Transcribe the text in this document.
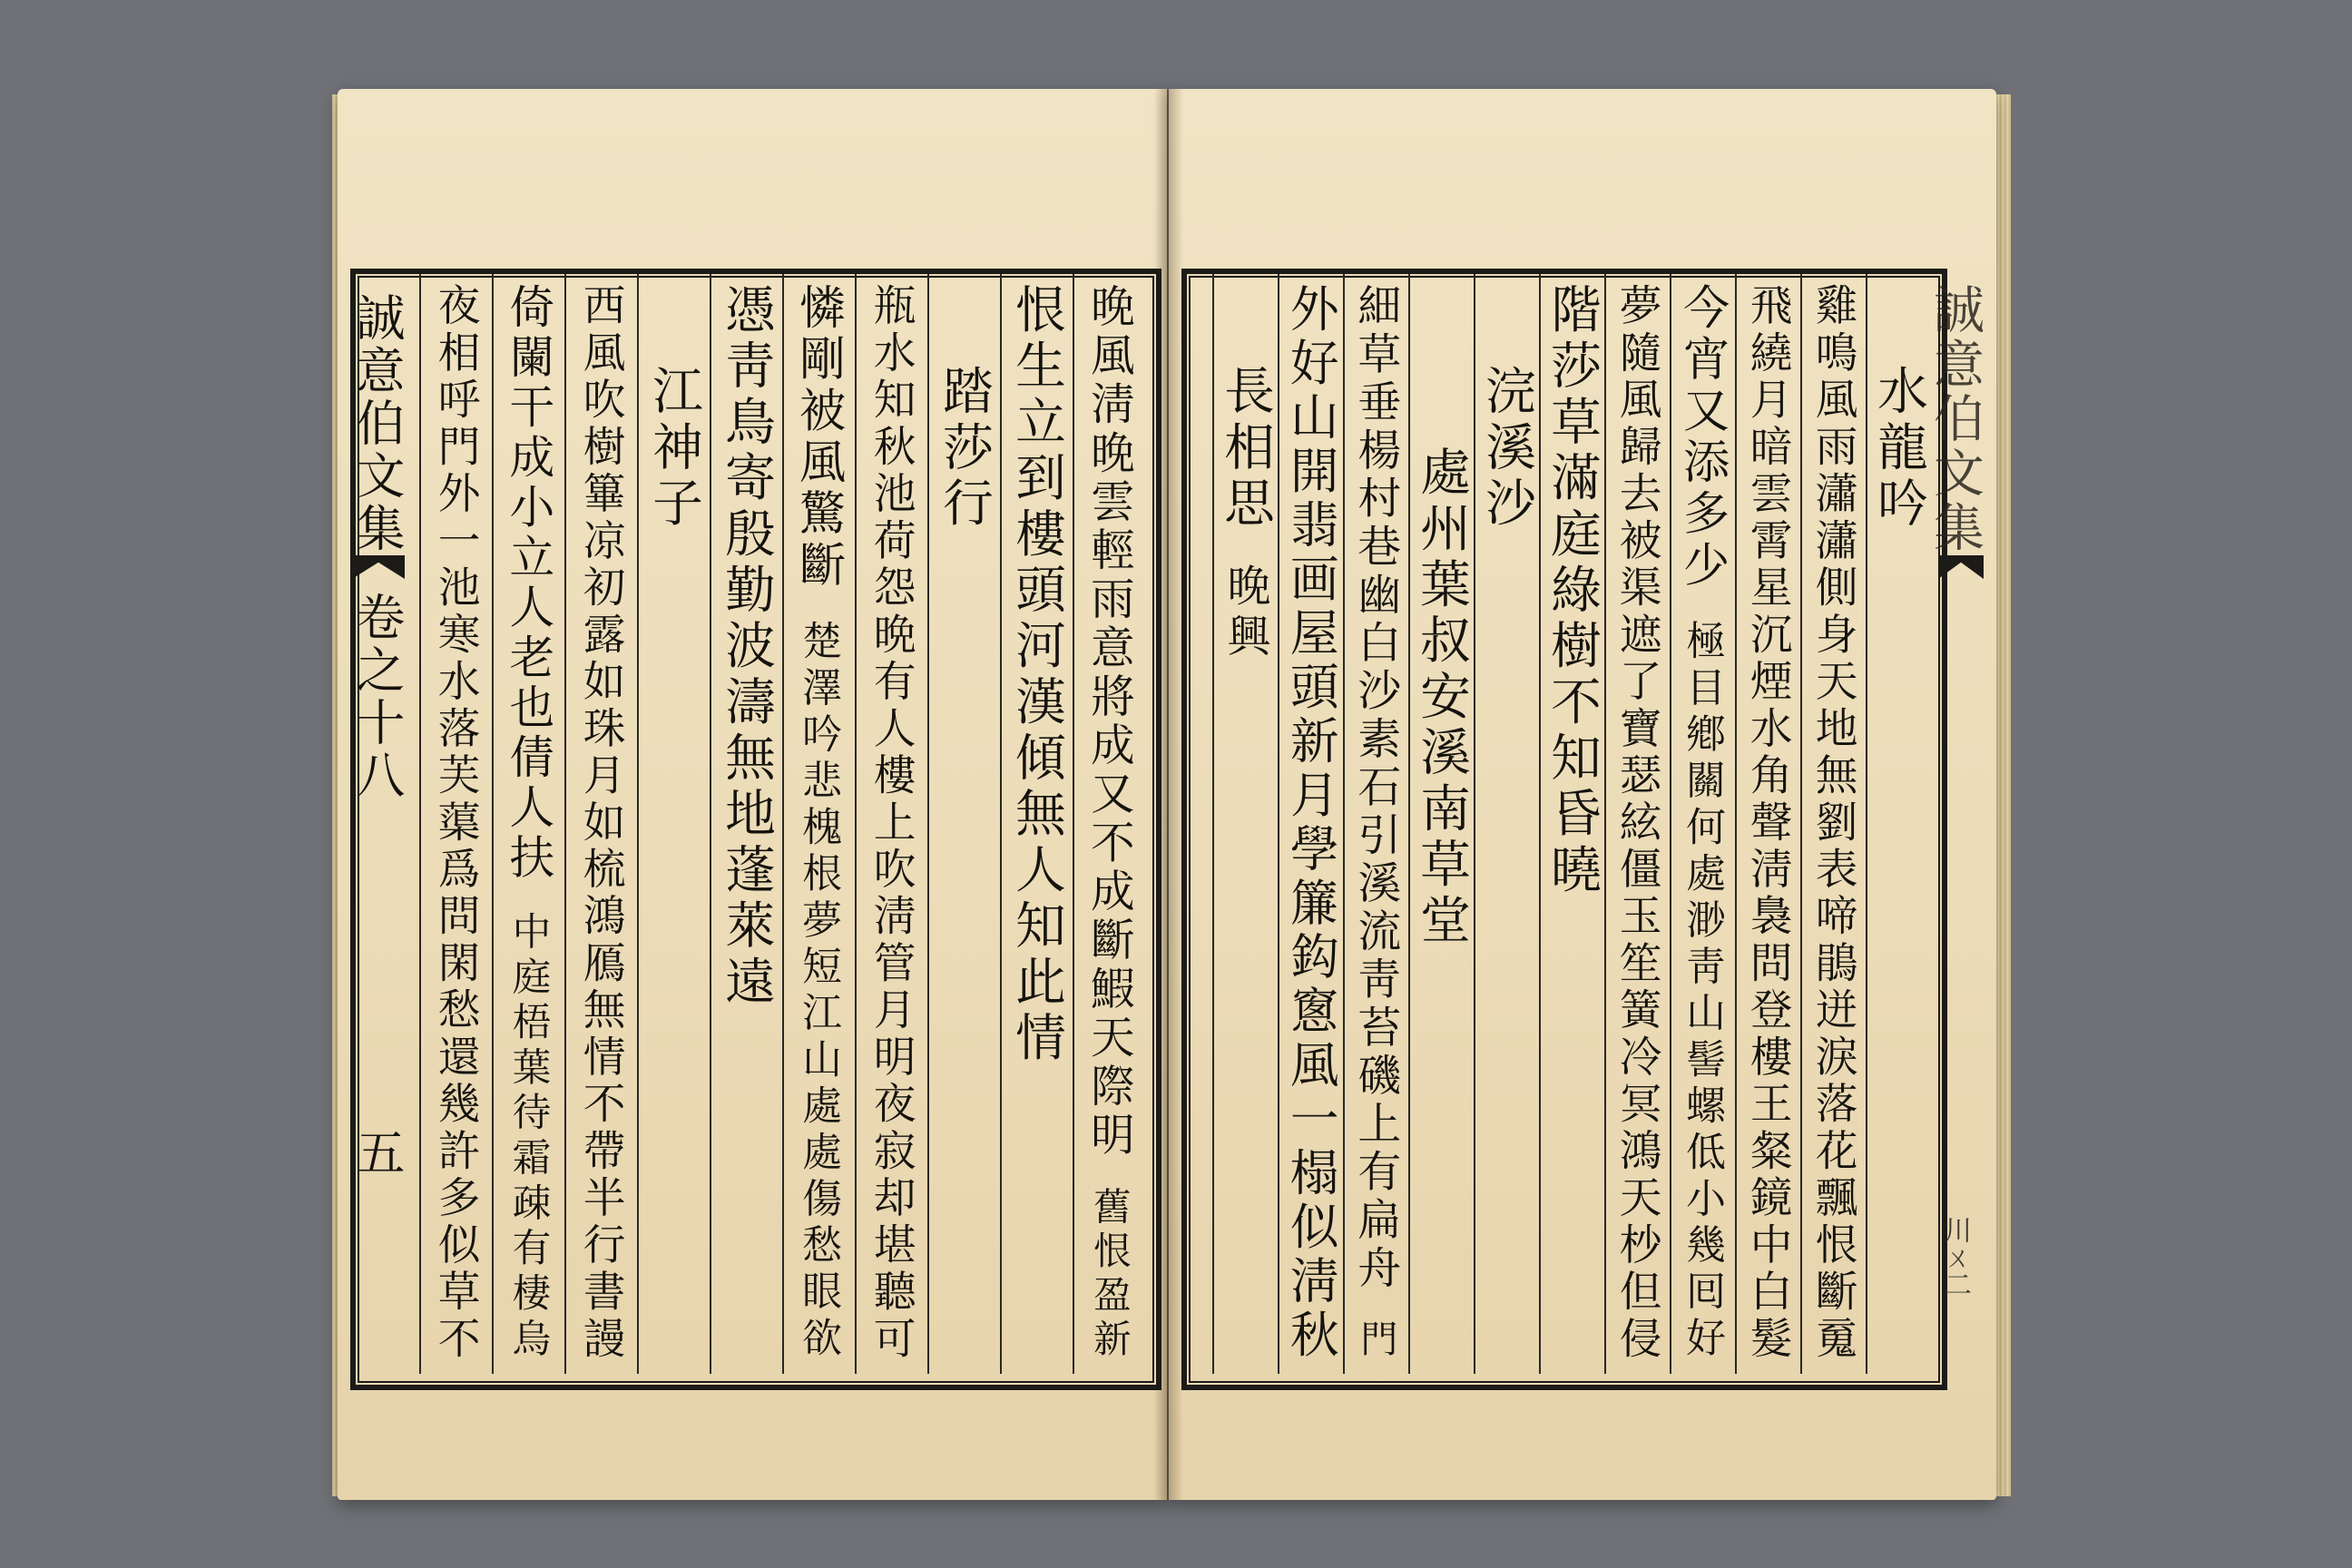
誠意伯文集
卷之十八
五
誠意伯文集
川ㄨ二
晚風淸晚雲輕雨意將成又不成斷鰕天際明
舊恨盈新
恨生立到樓頭河漢傾無人知此情
踏莎行
瓶水知秋池荷怨晩有人樓上吹淸管月明夜寂却堪聽可
憐剛被風驚斷
楚澤吟悲槐根夢短江山處處傷愁眼欲
憑靑鳥寄殷勤波濤無地蓬萊遠
江神子
西風吹樹篳凉初露如珠月如梳鴻鴈無情不帶半行書謾
倚闌干成小立人老也倩人扶
中庭梧葉待霜疎有棲烏
夜相呼門外一池寒水落芙蕖爲問閑愁還幾許多似草不	水龍吟
雞鳴風雨瀟瀟側身天地無劉表啼鵑迸淚落花飄恨斷䰟
飛繞月暗雲霄星沉煙水角聲淸裊問登樓王粲鏡中白髮
今宵又添多少
極目鄕關何處渺靑山髻螺低小幾囘好
夢隨風歸去被渠遮了寶瑟絃僵玉笙簧冷冥鴻天杪但侵
階莎草滿庭綠樹不知昏曉
浣溪沙
處州葉叔安溪南草堂
細草垂楊村巷幽白沙素石引溪流靑苔磯上有扁舟
門
外好山開翡画屋頭新月學簾鈎窻風一榻似淸秋
長相思
晚興
